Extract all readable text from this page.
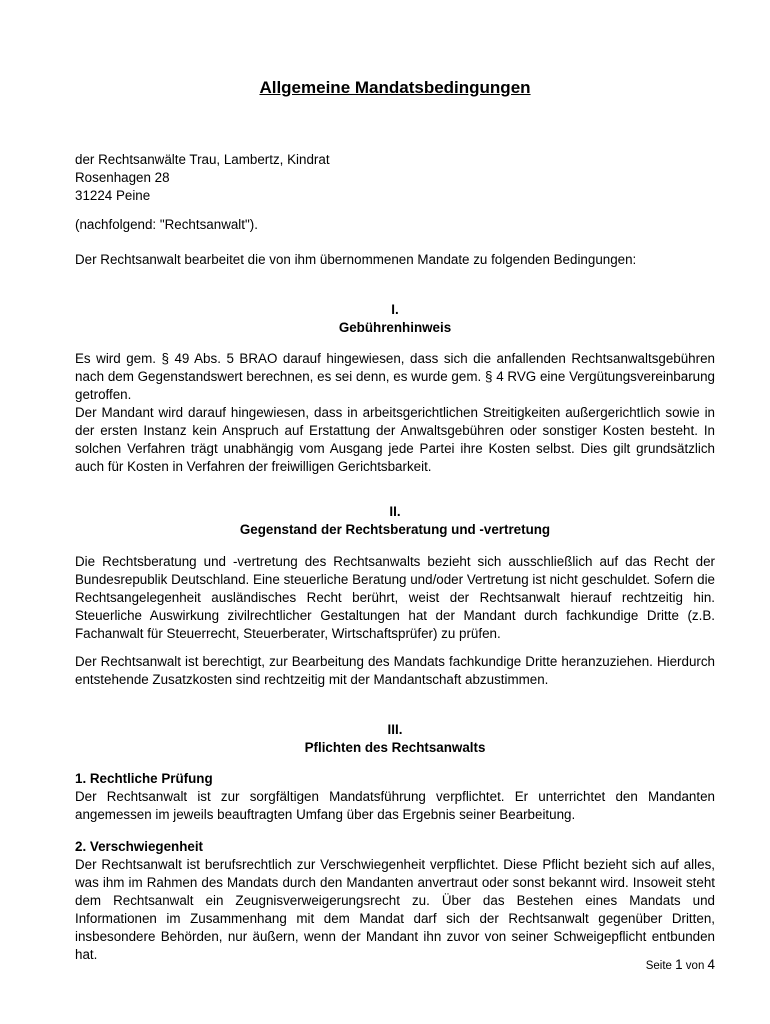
Allgemeine Mandatsbedingungen
der Rechtsanwälte Trau, Lambertz, Kindrat
Rosenhagen 28
31224 Peine
(nachfolgend: "Rechtsanwalt").
Der Rechtsanwalt bearbeitet die von ihm übernommenen Mandate zu folgenden Bedingungen:
I.
Gebührenhinweis
Es wird gem. § 49 Abs. 5 BRAO darauf hingewiesen, dass sich die anfallenden Rechtsanwaltsgebühren nach dem Gegenstandswert berechnen, es sei denn, es wurde gem. § 4 RVG eine Vergütungsvereinbarung getroffen.
Der Mandant wird darauf hingewiesen, dass in arbeitsgerichtlichen Streitigkeiten außergerichtlich sowie in der ersten Instanz kein Anspruch auf Erstattung der Anwaltsgebühren oder sonstiger Kosten besteht. In solchen Verfahren trägt unabhängig vom Ausgang jede Partei ihre Kosten selbst. Dies gilt grundsätzlich auch für Kosten in Verfahren der freiwilligen Gerichtsbarkeit.
II.
Gegenstand der Rechtsberatung und -vertretung
Die Rechtsberatung und -vertretung des Rechtsanwalts bezieht sich ausschließlich auf das Recht der Bundesrepublik Deutschland. Eine steuerliche Beratung und/oder Vertretung ist nicht geschuldet. Sofern die Rechtsangelegenheit ausländisches Recht berührt, weist der Rechtsanwalt hierauf rechtzeitig hin. Steuerliche Auswirkung zivilrechtlicher Gestaltungen hat der Mandant durch fachkundige Dritte (z.B. Fachanwalt für Steuerrecht, Steuerberater, Wirtschaftsprüfer) zu prüfen.
Der Rechtsanwalt ist berechtigt, zur Bearbeitung des Mandats fachkundige Dritte heranzuziehen. Hierdurch entstehende Zusatzkosten sind rechtzeitig mit der Mandantschaft abzustimmen.
III.
Pflichten des Rechtsanwalts
1. Rechtliche Prüfung
Der Rechtsanwalt ist zur sorgfältigen Mandatsführung verpflichtet. Er unterrichtet den Mandanten angemessen im jeweils beauftragten Umfang über das Ergebnis seiner Bearbeitung.
2. Verschwiegenheit
Der Rechtsanwalt ist berufsrechtlich zur Verschwiegenheit verpflichtet. Diese Pflicht bezieht sich auf alles, was ihm im Rahmen des Mandats durch den Mandanten anvertraut oder sonst bekannt wird. Insoweit steht dem Rechtsanwalt ein Zeugnisverweigerungsrecht zu. Über das Bestehen eines Mandats und Informationen im Zusammenhang mit dem Mandat darf sich der Rechtsanwalt gegenüber Dritten, insbesondere Behörden, nur äußern, wenn der Mandant ihn zuvor von seiner Schweigepflicht entbunden hat.
Seite 1 von 4
